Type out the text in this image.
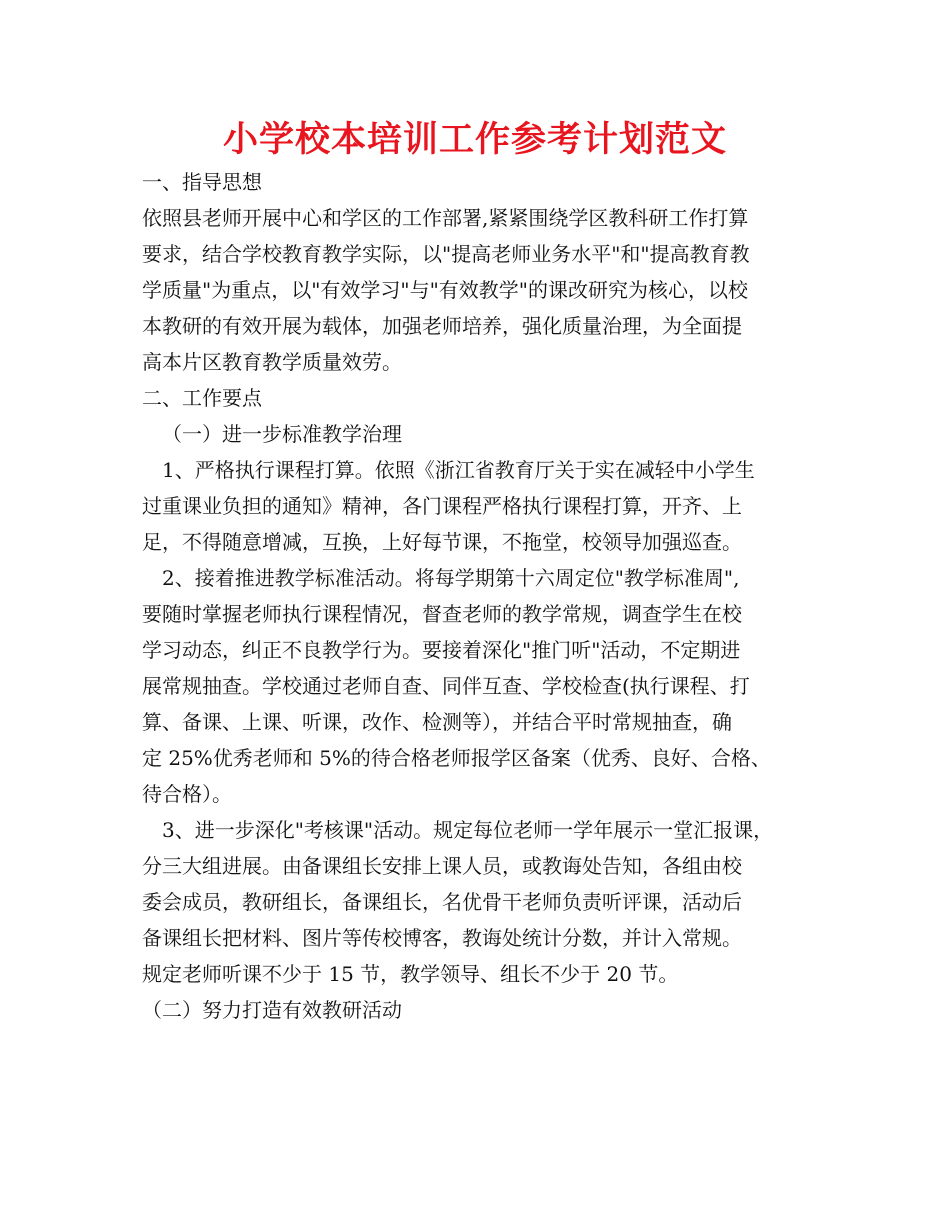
小学校本培训工作参考计划范文
一、指导思想
依照县老师开展中心和学区的工作部署,紧紧围绕学区教科研工作打算
要求，结合学校教育教学实际，以"提高老师业务水平"和"提高教育教
学质量"为重点，以"有效学习"与"有效教学"的课改研究为核心，以校
本教研的有效开展为载体，加强老师培养，强化质量治理，为全面提
高本片区教育教学质量效劳。
二、工作要点
（一）进一步标准教学治理
1、严格执行课程打算。依照《浙江省教育厅关于实在减轻中小学生
过重课业负担的通知》精神，各门课程严格执行课程打算，开齐、上
足，不得随意增减，互换，上好每节课，不拖堂，校领导加强巡查。
2、接着推进教学标准活动。将每学期第十六周定位"教学标准周",
要随时掌握老师执行课程情况，督查老师的教学常规，调查学生在校
学习动态，纠正不良教学行为。要接着深化"推门听"活动，不定期进
展常规抽查。学校通过老师自查、同伴互查、学校检查(执行课程、打
算、备课、上课、听课，改作、检测等），并结合平时常规抽查，确
定 25%优秀老师和 5%的待合格老师报学区备案（优秀、良好、合格、
待合格）。
3、进一步深化"考核课"活动。规定每位老师一学年展示一堂汇报课，
分三大组进展。由备课组长安排上课人员，或教诲处告知，各组由校
委会成员，教研组长，备课组长，名优骨干老师负责听评课，活动后
备课组长把材料、图片等传校博客，教诲处统计分数，并计入常规。
规定老师听课不少于 15 节，教学领导、组长不少于 20 节。
（二）努力打造有效教研活动
